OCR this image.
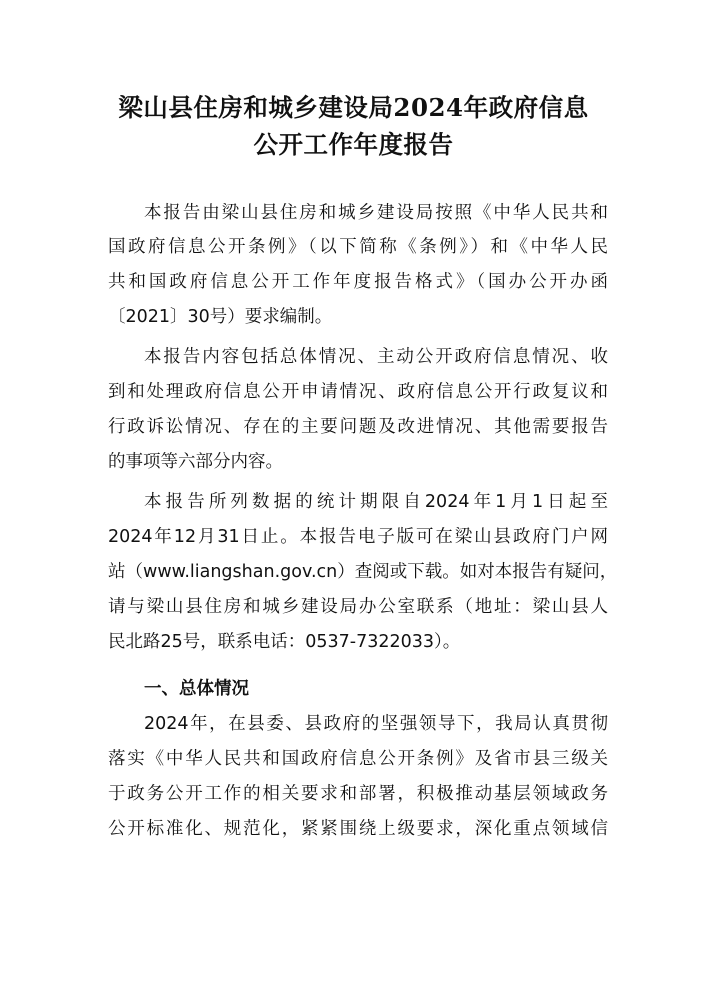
梁山县住房和城乡建设局2024年政府信息
公开工作年度报告
本报告由梁山县住房和城乡建设局按照《中华人民共和
国政府信息公开条例》（以下简称《条例》）和《中华人民
共和国政府信息公开工作年度报告格式》（国办公开办函
〔2021〕30号）要求编制。
本报告内容包括总体情况、主动公开政府信息情况、收
到和处理政府信息公开申请情况、政府信息公开行政复议和
行政诉讼情况、存在的主要问题及改进情况、其他需要报告
的事项等六部分内容。
本报告所列数据的统计期限自2024年1月1日起至
2024年12月31日止。本报告电子版可在梁山县政府门户网
站（www.liangshan.gov.cn）查阅或下载。如对本报告有疑问，
请与梁山县住房和城乡建设局办公室联系（地址：梁山县人
民北路25号，联系电话：0537-7322033）。
一、总体情况
2024年，在县委、县政府的坚强领导下，我局认真贯彻
落实《中华人民共和国政府信息公开条例》及省市县三级关
于政务公开工作的相关要求和部署，积极推动基层领域政务
公开标准化、规范化，紧紧围绕上级要求，深化重点领域信
